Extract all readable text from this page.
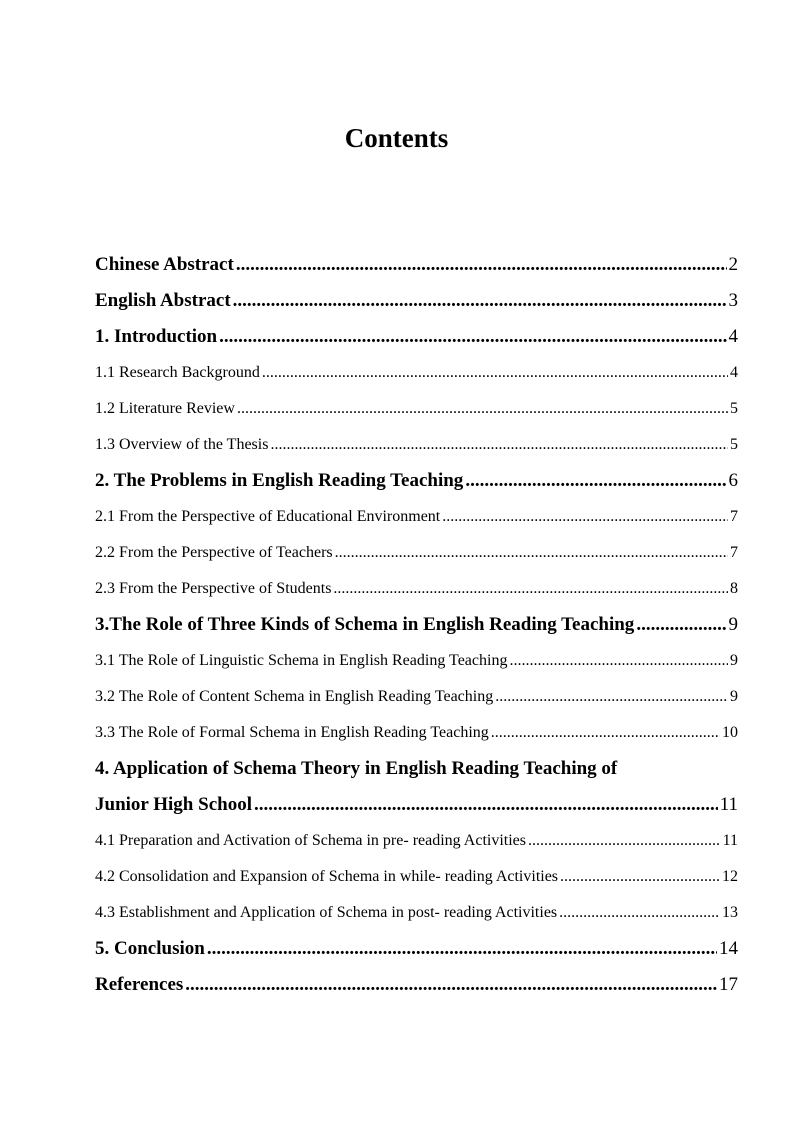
Contents
Chinese Abstract .....	2
English Abstract .....	3
1. Introduction .....	4
1.1 Research Background .....	4
1.2 Literature Review .....	5
1.3 Overview of the Thesis .....	5
2. The Problems in English Reading Teaching .....	6
2.1 From the Perspective of Educational Environment .....	7
2.2 From the Perspective of Teachers .....	7
2.3 From the Perspective of Students .....	8
3.The Role of Three Kinds of Schema in English Reading Teaching .....	9
3.1 The Role of Linguistic Schema in English Reading Teaching .....	9
3.2 The Role of Content Schema in English Reading Teaching .....	9
3.3 The Role of Formal Schema in English Reading Teaching .....	10
4. Application of Schema Theory in English Reading Teaching of
Junior High School .....	11
4.1 Preparation and Activation of Schema in pre- reading Activities .....	11
4.2 Consolidation and Expansion of Schema in while- reading Activities .....	12
4.3 Establishment and Application of Schema in post- reading Activities .....	13
5. Conclusion .....	14
References .....	17
